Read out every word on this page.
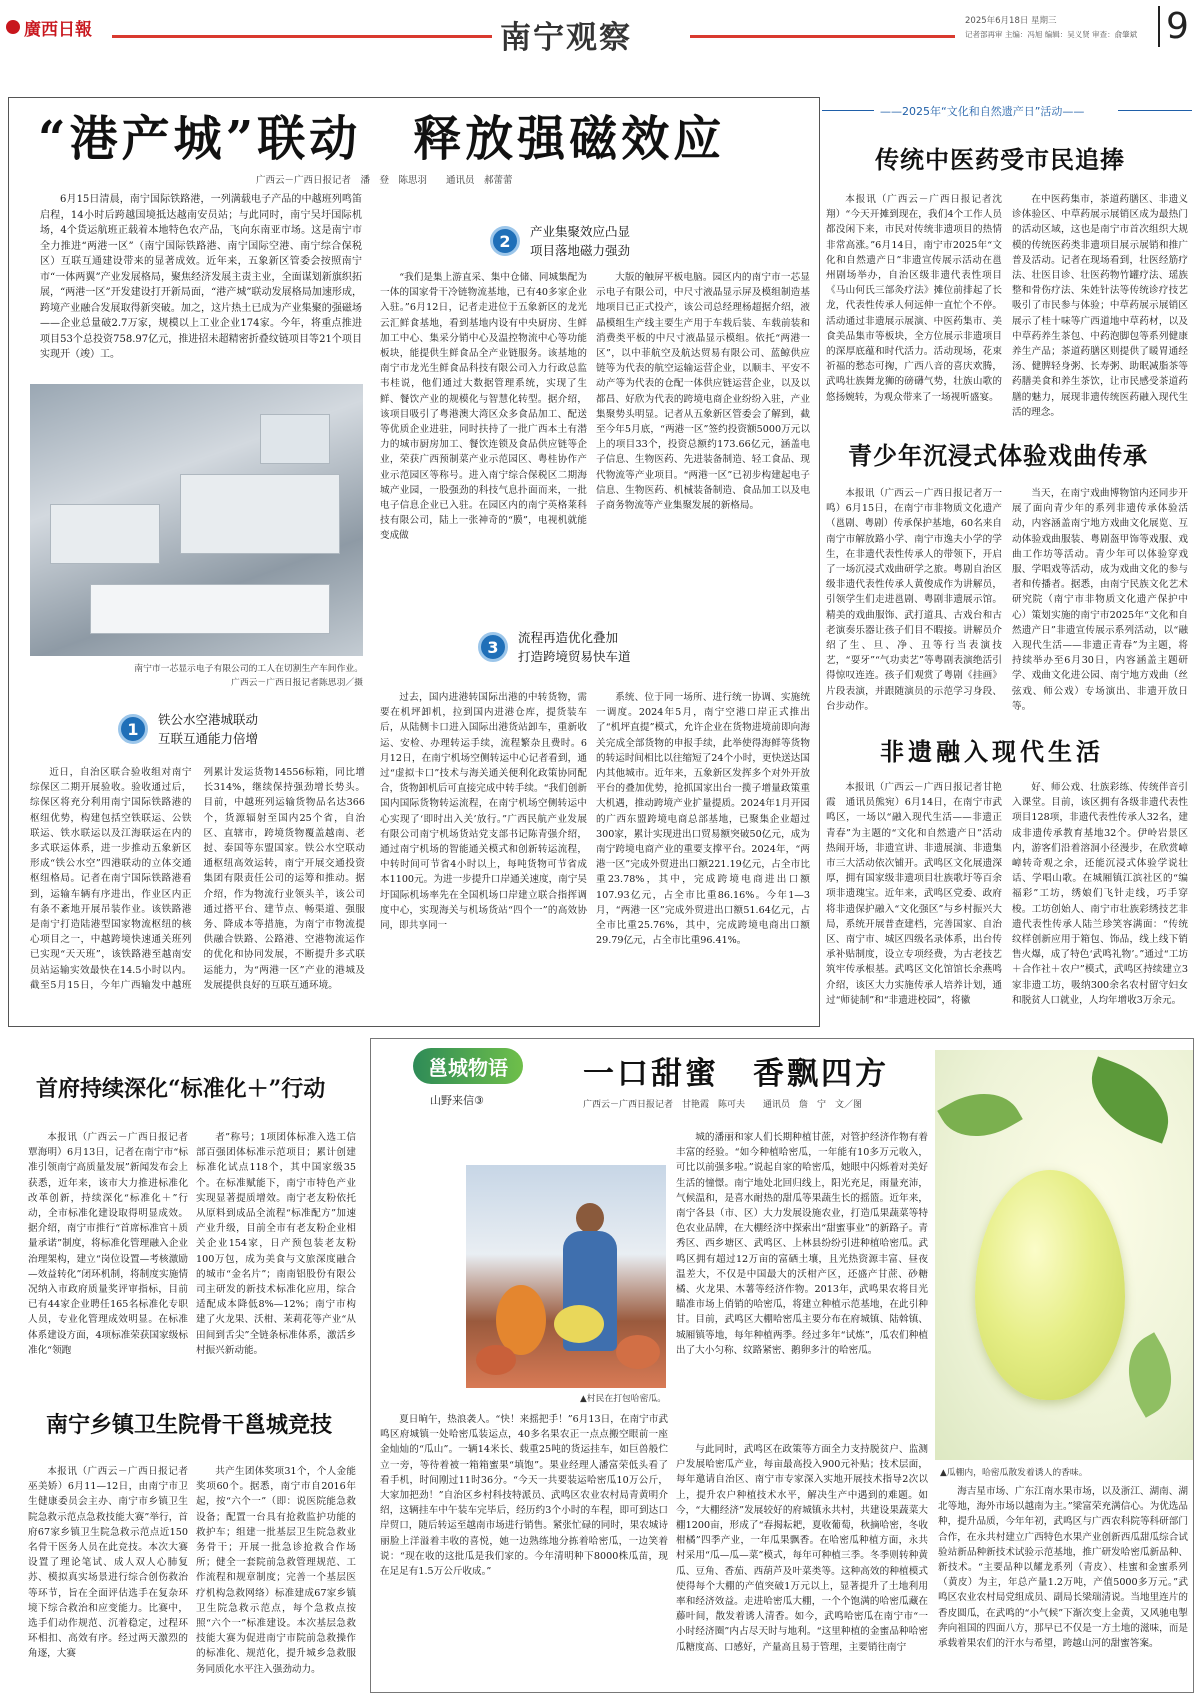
廣西日報	南宁观察	2025年6月18日 星期三
记者部再审 主编：冯旭 编辑：吴义贤 审查：俞肇斌 9
“港产城”联动　释放强磁效应
广西云－广西日报记者　潘　登　陈思羽　　通讯员　郝蕾蕾

6月15日清晨，南宁国际铁路港，一列满载电子产品的中越班列鸣笛启程，14小时后跨越国境抵达越南安员站；与此同时，南宁吴圩国际机场，4个货运航班正载着本地特色农产品，飞向东南亚市场。这是南宁市全力推进“两港一区”（南宁国际铁路港、南宁国际空港、南宁综合保税区）互联互通建设带来的显著成效。近年来，五象新区管委会按照南宁市“一体两翼”产业发展格局，聚焦经济发展主责主业，全面谋划新旗织拓展，“两港一区”开发建设打开新局面，“港产城”联动发展格局加速形成，跨境产业融合发展取得新突破。加之，这片热土已成为产业集聚的强磁场——企业总量破2.7万家，规模以上工业企业174家。今年，将重点推进项目53个总投资758.97亿元，推进招未超精密折叠纹链项目等21个项目实现开（竣）工。

南宁市一芯显示电子有限公司的工人在切割生产车间作业。
广西云－广西日报记者陈思羽／摄
1	铁公水空港城联动
互联互通能力倍增

近日，自治区联合验收组对南宁综保区二期开展验收。验收通过后，综保区将充分利用南宁国际铁路港的枢纽优势，构建包括空铁联运、公铁联运、铁水联运以及江海联运在内的多式联运体系，进一步推动五象新区形成“铁公水空”四港联动的立体交通枢纽格局。记者在南宁国际铁路港看到，运输车辆有序进出，作业区内正有条不紊地开展吊装作业。该铁路港是南宁打造陆港型国家物流枢纽的核心项目之一，中越跨境快速通关班列已实现“天天班”，该铁路港至越南安员站运输实效最快在14.5小时以内。截至5月15日，今年广西输发中越班列累计发运货物14556标箱，同比增长314%，继续保持强劲增长势头。目前，中越班列运输货物品名达366个，货源辐射至国内25个省，自治区、直辖市，跨境货物覆盖越南、老挝、泰国等东盟国家。铁公水空联动通枢纽高效运转，南宁开展交通投资集团有限责任公司的运筹和推动。据介绍，作为物流行业领头羊，该公司通过搭平台、建节点、畅渠道、强服务、降成本等措施，为南宁市物流提供融合铁路、公路港、空港物流运作的优化和协同发展，不断提升多式联运能力，为“两港一区”产业的港城及发展提供良好的互联互通环境。

2	产业集聚效应凸显
项目落地磁力强劲

“我们是集上游直采、集中仓储、同城集配为一体的国家骨干冷链物流基地，已有40多家企业入驻。”6月12日，记者走进位于五象新区的龙光云汇鲜食基地，看到基地内设有中央厨房、生鲜加工中心、集采分销中心及温控物流中心等功能板块，能提供生鲜食品全产业链服务。该基地的南宁市龙光生鲜食品科技有限公司入力行政总监韦桂说，他们通过大数据管理系统，实现了生鲜、餐饮产业的规模化与智慧化转型。据介绍，该项目吸引了粤港澳大湾区众多食品加工、配送等优质企业进驻，同时扶持了一批广西本土有潜力的城市厨房加工、餐饮连锁及食品供应链等企业，荣获广西预制菜产业示范园区、粤桂协作产业示范园区等称号。进入南宁综合保税区二期海城产业园，一股强劲的科技气息扑面而来，一批电子信息企业已入驻。在园区内的南宁英格莱科技有限公司，陆上一张神奇的“膜”，电视机就能变成做

大版的触屏平板电脑。园区内的南宁市一芯显示电子有限公司，中尺寸液晶显示屏及模组制造基地项目已正式投产，该公司总经理杨超据介绍，液晶模组生产线主要生产用于车载后装、车载前装和消费类平板的中尺寸液晶显示模组。依托“两港一区”，以中菲航空及航达贸易有限公司、蓝鲸供应链等为代表的航空运输运营企业，以顺丰、平安不动产等为代表的仓配一体供应链运营企业，以及以都昌、好欣为代表的跨境电商企业纷纷入驻，产业集聚势头明显。记者从五象新区管委会了解到，截至今年5月底，“两港一区”签约投资额5000万元以上的项目33个，投资总额约173.66亿元，涵盖电子信息、生物医药、先进装备制造、轻工食品、现代物流等产业项目。“两港一区”已初步构建起电子信息、生物医药、机械装备制造、食品加工以及电子商务物流等产业集聚发展的新格局。

3	流程再造优化叠加
打造跨境贸易快车道

过去，国内进港转国际出港的中转货物，需要在机坪卸机，拉到国内进港仓库，提货装车后，从陆侧卡口进入国际出港货站卸车，重新收运、安检、办理转运手续，流程繁杂且费时。6月12日，在南宁机场空侧转运中心记者看到，通过“虚拟卡口”技术与海关通关便利化政策协同配合，货物卸机后可直接完成中转手续。“我们创新国内国际货物转运流程，在南宁机场空侧转运中心实现了‘即时出入关’放行。”广西民航产业发展有限公司南宁机场货站党支部书记陈青强介绍，通过南宁机场的智能通关模式和创新转运流程，中转时间可节省4小时以上，每吨货物可节省成本1100元。为进一步提升口岸通关速度，南宁吴圩国际机场率先在全国机场口岸建立联合指挥调度中心，实现海关与机场货站“四个一”的高效协同，即共享同一

系统、位于同一场所、进行统一协调、实施统一调度。2024年5月，南宁空港口岸正式推出了“机坪直提”模式，允许企业在货物进境前即向海关完成全部货物的申报手续，此举使得海鲜等货物的转运时间相比以往缩短了24个小时，更快送达国内其他城市。近年来，五象新区发挥多个对外开放平台的叠加优势，抢抓国家出台一揽子增量政策重大机遇，推动跨境产业扩量提质。2024年1月开园的广西东盟跨境电商总部基地，已聚集企业超过300家，累计实现进出口贸易额突破50亿元，成为南宁跨境电商产业的重要支撑平台。2024年，“两港一区”完成外贸进出口额221.19亿元，占全市比重23.78%，其中，完成跨境电商进出口额107.93亿元，占全市比重86.16%。今年1—3月，“两港一区”完成外贸进出口额51.64亿元，占全市比重25.76%，其中，完成跨境电商出口额29.79亿元，占全市比重96.41%。

——2025年“文化和自然遗产日”活动——
传统中医药受市民追捧

本报讯（广西云－广西日报记者沈翔）“今天开摊到现在，我们4个工作人员都没闲下来，市民对传统非遗项目的热情非常高涨。”6月14日，南宁市2025年“文化和自然遗产日”非遗宣传展示活动在邕州剧场举办，自治区级非遗代表性项目《马山何氏三部灸疗法》摊位前排起了长龙，代表性传承人何远伸一直忙个不停。活动通过非遗展示展演、中医药集市、美食美品集市等板块，全方位展示非遗项目的深厚底蕴和时代活力。活动现场，花束祈福的愁态可掬，广西八音的喜庆欢腾，武鸣壮族舞龙狮的磅礴气势，壮族山歌的悠扬婉转，为观众带来了一场视听盛宴。

在中医药集市，茶道药膳区、非遗义诊体验区、中草药展示展销区成为最热门的活动区域，这也是南宁市首次组织大规模的传统医药类非遗项目展示展销和推广普及活动。记者在现场看到，壮医经筋疗法、壮医目诊、壮医药物竹罐疗法、瑶族整和骨伤疗法、朱姓针法等传统诊疗技艺吸引了市民参与体验；中草药展示展销区展示了桂十味等广西道地中草药材，以及中草药养生茶包、中药泡脚包等系列健康养生产品；茶道药膳区则提供了暖胃通经汤、健脾轻身粥、长寿粥、助眠减脂茶等药膳美食和养生茶饮，让市民感受茶道药膳的魅力，展现非遗传统医药融入现代生活的理念。

青少年沉浸式体验戏曲传承

本报讯（广西云－广西日报记者万一鸣）6月15日，在南宁市非物质文化遗产（邕剧、粤剧）传承保护基地，60名来自南宁市解放路小学、南宁市逸夫小学的学生，在非遗代表性传承人的带领下，开启了一场沉浸式戏曲研学之旅。粤剧自治区级非遗代表性传承人黄俊成作为讲解员，引领学生们走进邕剧、粤剧非遗展示馆。精美的戏曲服饰、武打道具、古戏台和古老演奏乐器让孩子们目不暇接。讲解员介绍了生、旦、净、丑等行当表演技艺，“耍牙”“气功卖艺”等粤剧表演绝活引得惊叹连连。孩子们观赏了粤剧《挂画》片段表演，并跟随演员的示范学习身段、台步动作。

当天，在南宁戏曲博物馆内还同步开展了面向青少年的系列非遗传承体验活动，内容涵盖南宁地方戏曲文化展览、互动体验戏曲服装、粤剧盔甲饰等戏服、戏曲工作坊等活动。青少年可以体验穿戏服、学唱戏等活动，成为戏曲文化的参与者和传播者。据悉，由南宁民族文化艺术研究院（南宁市非物质文化遗产保护中心）策划实施的南宁市2025年“文化和自然遗产日”非遗宣传展示系列活动，以“融入现代生活——非遗正青春”为主题，将持续举办至6月30日，内容涵盖主题研学、戏曲文化进公园、南宁地方戏曲（丝弦戏、师公戏）专场演出、非遗开放日等。

非遗融入现代生活

本报讯（广西云－广西日报记者甘艳霞　通讯员熊宛）6月14日，在南宁市武鸣区，一场以“融入现代生活——非遗正青春”为主题的“文化和自然遗产日”活动热闹开场，非遗宣讲、非遗展演、非遗集市三大活动依次铺开。武鸣区文化展遗深厚，拥有国家级非遗项目壮族歌圩等百余项非遗瑰宝。近年来，武鸣区党委、政府将非遗保护融入“文化强区”与乡村振兴大局，系统开展普查建档，完善国家、自治区、南宁市、城区四级名录体系，出台传承补贴制度，设立专项经费，为古老技艺筑牢传承根基。武鸣区文化馆馆长余燕鸣介绍，该区大力实施传承人培养计划，通过“师徒制”和“非遗进校园”，将徽

好、师公戏、壮族彩练、传统伴音引入课堂。目前，该区拥有各级非遗代表性项目128项，非遗代表性传承人32名，建成非遗传承教育基地32个。伊岭岩景区内，游客们沿着溶洞小径漫步，在欣赏嶂嶂转奇观之余，还能沉浸式体验学说壮话、学唱山歌。在城厢镇江滨社区的“编福彩”工坊，绣娘们飞针走线，巧手穿梭。工坊创始人、南宁市壮族彩绣技艺非遗代表性传承人陆兰珍笑容满面：“传统纹样创新应用于箱包、饰品，线上线下销售火爆，成了特色‘武鸣礼物’。”通过“工坊＋合作社＋农户”模式，武鸣区持续建立3家非遗工坊，吸纳300余名农村留守妇女和脱贫人口就业，人均年增收3万余元。

首府持续深化“标准化＋”行动

本报讯（广西云－广西日报记者覃海明）6月13日，记者在南宁市“标准引领南宁高质量发展”新闻发布会上获悉，近年来，该市大力推进标准化改革创新，持续深化“标准化＋”行动，全市标准化建设取得明显成效。据介绍，南宁市推行“首席标准官＋质量承诺”制度，将标准化管理融入企业治理架构，建立“岗位设置—考核激励—效益转化”闭环机制，将制度实施情况纳入市政府质量奖评审指标，目前已有44家企业聘任165名标准化专职人员，专业化管理成效明显。在标准体系建设方面，4项标准荣获国家级标准化“领跑

者”称号；1项团体标准入选工信部百强团体标准示范项目；累计创建标准化试点118个，其中国家级35个。在标准赋能下，南宁市特色产业实现显著提质增效。南宁老友粉依托从原料到成品全流程“标准配方”加速产业升级，目前全市有老友粉企业相关企业154家，日产预包装老友粉100万包，成为美食与文旅深度融合的城市“金名片”；南南铝股份有限公司主研发的新技术标准化应用，综合适配成本降低8%—12%；南宁市构建了火龙果、沃柑、茉莉花等产业“从田间到舌尖”全链条标准体系，激活乡村振兴新动能。

南宁乡镇卫生院骨干邕城竞技

本报讯（广西云－广西日报记者巫美娇）6月11—12日，由南宁市卫生健康委员会主办、南宁市乡镇卫生院急救示范点急救技能大赛”举行，首府67家乡镇卫生院急救示范点近150名骨干医务人员在此竞技。本次大赛设置了理论笔试、成人双人心肺复苏、模拟真实场景进行综合创伤救治等环节，旨在全面评估选手在复杂环境下综合救治和应变能力。比赛中，选手们动作规范、沉着稳定，过程环环相扣、高效有序。经过两天激烈的角逐，大赛

共产生团体奖项31个，个人金能奖项60个。据悉，南宁市自2016年起，按“六个一”（即：说医院能急救设备；配置一台具有抢救监护功能的救护车；组建一批基层卫生院急救业务骨干；开展一批急诊抢救合作场所；健全一套院前急救管理规范、工作流程和规章制度；完善一个基层医疗机构急救网络）标准建成67家乡镇卫生院急救示范点，每个急救点按照“六个一”标准建设。本次基层急救技能大赛为促进南宁市院前急救操作的标准化、规范化，提升城乡急救服务同质化水平注入强劲动力。

邕城物语
山野来信③
一口甜蜜　香飘四方
广西云－广西日报记者　甘艳霞　陈可夫　　通讯员　詹　宁　文／图
▲瓜棚内，哈密瓜散发着诱人的香味。
▲村民在打包哈密瓜。

城的潘丽和家人们长期种植甘蔗，对管护经济作物有着丰富的经验。“如今种植哈密瓜，一年能有10多万元收入，可比以前强多啦。”说起自家的哈密瓜，她眼中闪烁着对美好生活的憧憬。南宁地处北回归线上，阳光充足，雨量充沛，气候温和，是喜水耐热的甜瓜等果蔬生长的摇篮。近年来，南宁各县（市、区）大力发展设施农业，打造瓜果蔬菜等特色农业品牌，在大棚经济中探索出“甜蜜事业”的新路子。青秀区、西乡塘区、武鸣区、上林县纷纷引进种植哈密瓜。武鸣区拥有超过12万亩的富硒土壤，且光热资源丰富、昼夜温差大，不仅是中国最大的沃柑产区，还盛产甘蔗、砂糖橘、火龙果、木薯等经济作物。2013年，武鸣果农将目光瞄准市场上俏销的哈密瓜，将建立种植示范基地，在此引种甘。目前，武鸣区大棚哈密瓜主要分布在府城镇、陆斡镇、城厢镇等地，每年种植两季。经过多年“试炼”，瓜农们种植出了大小匀称、纹路紧密、鹅卵多汁的哈密瓜。

夏日晌午，热浪袭人。“快！来摇把手！”6月13日，在南宁市武鸣区府城镇一处哈密瓜装运点，40多名果农正一点点搬空眼前一座金灿灿的“瓜山”。一辆14米长、载重25吨的货运挂车，如巨兽般伫立一旁，等待着被一箱箱蜜果“填饱”。果业经理人潘富荣低头看了看手机，时间刚过11时36分。“今天一共要装运哈密瓜10万公斤，大家加把劲！”自治区乡村科技特派员、武鸣区农业农村局青黄明介绍，这辆挂车中午装车完毕后，经历约3个小时的车程，即可到达口岸贸口，随后转运至越南市场进行销售。紧张忙碌的同时，果农城诗丽脸上洋溢着丰收的喜悦，她一边熟练地分拣着哈密瓜，一边笑着说：“现在收的这批瓜是我们家的。今年清明种下8000株瓜苗，现在足足有1.5万公斤收成。”

与此同时，武鸣区在政策等方面全力支持脱贫户、监测户发展哈密瓜产业，每亩最高投入900元补贴；技术层面，每年邀请自治区、南宁市专家深入实地开展技术指导2次以上，提升农户种植技术水平，解决生产中遇到的难题。如今，“大棚经济”发展较好的府城镇永共村，共建设果蔬菜大棚1200亩，形成了“春揭耘耙，夏收葡萄，秋摘哈密，冬收柑橘”四季产业，一年瓜果飘香。在哈密瓜种植方面，永共村采用“瓜—瓜—菜”模式，每年可种植三季。冬季则转种黄瓜、豆角、香茄、西葫芦及叶菜类等。这种高效的种植模式使得每个大棚的产值突破1万元以上，显著提升了土地利用率和经济效益。走进哈密瓜大棚，一个个饱满的哈密瓜藏在藤叶间，散发着诱人清香。如今，武鸣哈密瓜在南宁市“一小时经济圈”内占尽天时与地利。“这里种植的金蜜品种哈密瓜糖度高、口感好，产量高且易于管理，主要销往南宁

海吉星市场、广东江南水果市场，以及浙江、湖南、湖北等地，海外市场以越南为主。”梁富荣充满信心。为优选品种，提升品质，今年年初，武鸣区与广西农科院等科研部门合作，在永共村建立广西特色水果产业创新西瓜甜瓜综合试验站新品种新技术试验示范基地，推广研发哈密瓜新品种、新技术。“主要品种以耀龙系列（青皮）、桂蜜和金蜜系列（黄皮）为主，年总产量1.2万吨，产值5000多万元。”武鸣区农业农村局党组成员、副局长梁瑞清说。当地里连片的香皮圆瓜，在武鸣的“小气候”下渐次变上金黄，又风驰电掣奔向祖国的四面八方，那早已不仅是一方土地的滋味，而是承载着果农们的汗水与希望，跨越山河的甜蜜答案。
